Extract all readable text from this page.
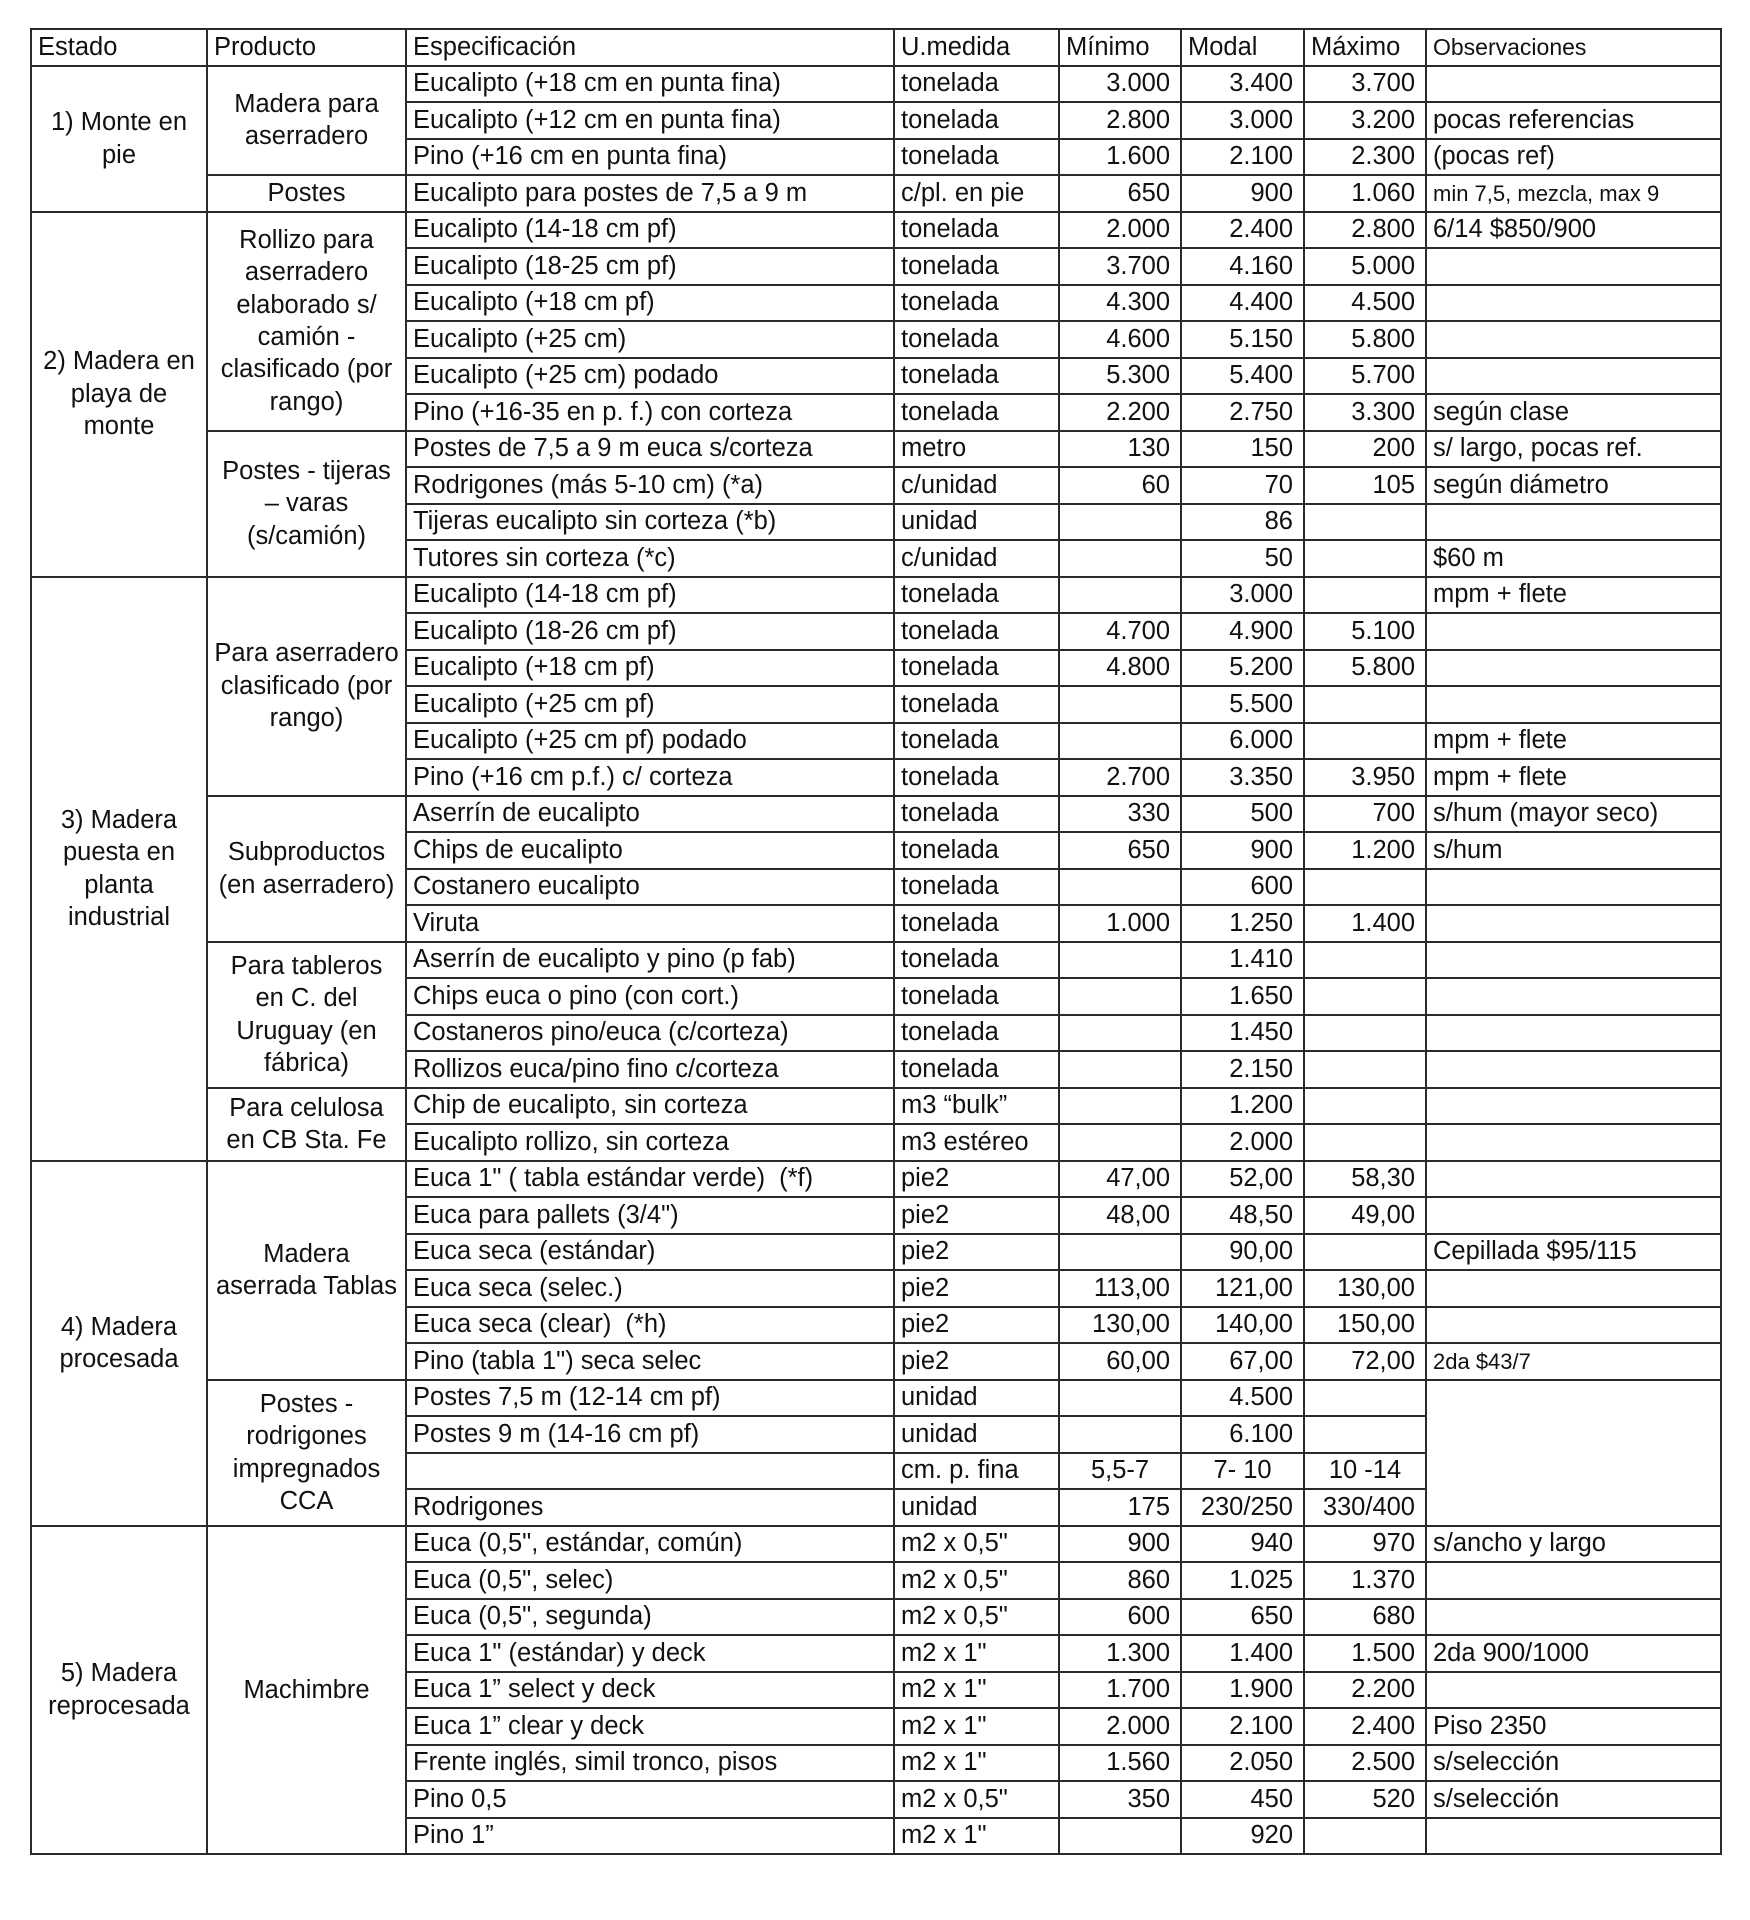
Estado	Producto	Especificación	U.medida	Mínimo	Modal	Máximo	Observaciones
1) Monte en pie	Madera para aserradero	Eucalipto (+18 cm en punta fina)	tonelada	3.000	3.400	3.700	
		Eucalipto (+12 cm en punta fina)	tonelada	2.800	3.000	3.200	pocas referencias
		Pino (+16 cm en punta fina)	tonelada	1.600	2.100	2.300	(pocas ref)
	Postes	Eucalipto para postes de 7,5 a 9 m	c/pl. en pie	650	900	1.060	min 7,5, mezcla, max 9
2) Madera en playa de monte	Rollizo para aserradero elaborado s/ camión - clasificado (por rango)	Eucalipto (14-18 cm pf)	tonelada	2.000	2.400	2.800	6/14 $850/900
		Eucalipto (18-25 cm pf)	tonelada	3.700	4.160	5.000	
		Eucalipto (+18 cm pf)	tonelada	4.300	4.400	4.500	
		Eucalipto (+25 cm)	tonelada	4.600	5.150	5.800	
		Eucalipto (+25 cm) podado	tonelada	5.300	5.400	5.700	
		Pino (+16-35 en p. f.) con corteza	tonelada	2.200	2.750	3.300	según clase
	Postes - tijeras – varas (s/camión)	Postes de 7,5 a 9 m euca s/corteza	metro	130	150	200	s/ largo, pocas ref.
		Rodrigones (más 5-10 cm) (*a)	c/unidad	60	70	105	según diámetro
		Tijeras eucalipto sin corteza (*b)	unidad		86		
		Tutores sin corteza (*c)	c/unidad		50		$60 m
3) Madera puesta en planta industrial	Para aserradero clasificado (por rango)	Eucalipto (14-18 cm pf)	tonelada		3.000		mpm + flete
		Eucalipto (18-26 cm pf)	tonelada	4.700	4.900	5.100	
		Eucalipto (+18 cm pf)	tonelada	4.800	5.200	5.800	
		Eucalipto (+25 cm pf)	tonelada		5.500		
		Eucalipto (+25 cm pf) podado	tonelada		6.000		mpm + flete
		Pino (+16 cm p.f.) c/ corteza	tonelada	2.700	3.350	3.950	mpm + flete
	Subproductos (en aserradero)	Aserrín de eucalipto	tonelada	330	500	700	s/hum (mayor seco)
		Chips de eucalipto	tonelada	650	900	1.200	s/hum
		Costanero eucalipto	tonelada		600		
		Viruta	tonelada	1.000	1.250	1.400	
	Para tableros en C. del Uruguay (en fábrica)	Aserrín de eucalipto y pino (p fab)	tonelada		1.410		
		Chips euca o pino (con cort.)	tonelada		1.650		
		Costaneros pino/euca (c/corteza)	tonelada		1.450		
		Rollizos euca/pino fino c/corteza	tonelada		2.150		
	Para celulosa en CB Sta. Fe	Chip de eucalipto, sin corteza	m3 “bulk”		1.200		
		Eucalipto rollizo, sin corteza	m3 estéreo		2.000		
4) Madera procesada	Madera aserrada Tablas	Euca 1" ( tabla estándar verde) (*f)	pie2	47,00	52,00	58,30	
		Euca para pallets (3/4")	pie2	48,00	48,50	49,00	
		Euca seca (estándar)	pie2		90,00		Cepillada $95/115
		Euca seca (selec.)	pie2	113,00	121,00	130,00	
		Euca seca (clear) (*h)	pie2	130,00	140,00	150,00	
		Pino (tabla 1") seca selec	pie2	60,00	67,00	72,00	2da $43/7
	Postes - rodrigones impregnados CCA	Postes 7,5 m (12-14 cm pf)	unidad		4.500		
		Postes 9 m (14-16 cm pf)	unidad		6.100		
			cm. p. fina	5,5-7	7- 10	10 -14	
		Rodrigones	unidad	175	230/250	330/400	
5) Madera reprocesada	Machimbre	Euca (0,5", estándar, común)	m2 x 0,5"	900	940	970	s/ancho y largo
		Euca (0,5", selec)	m2 x 0,5"	860	1.025	1.370	
		Euca (0,5", segunda)	m2 x 0,5"	600	650	680	
		Euca 1" (estándar) y deck	m2 x 1"	1.300	1.400	1.500	2da 900/1000
		Euca 1” select y deck	m2 x 1"	1.700	1.900	2.200	
		Euca 1” clear y deck	m2 x 1"	2.000	2.100	2.400	Piso 2350
		Frente inglés, simil tronco, pisos	m2 x 1"	1.560	2.050	2.500	s/selección
		Pino 0,5	m2 x 0,5"	350	450	520	s/selección
		Pino 1”	m2 x 1"		920		
